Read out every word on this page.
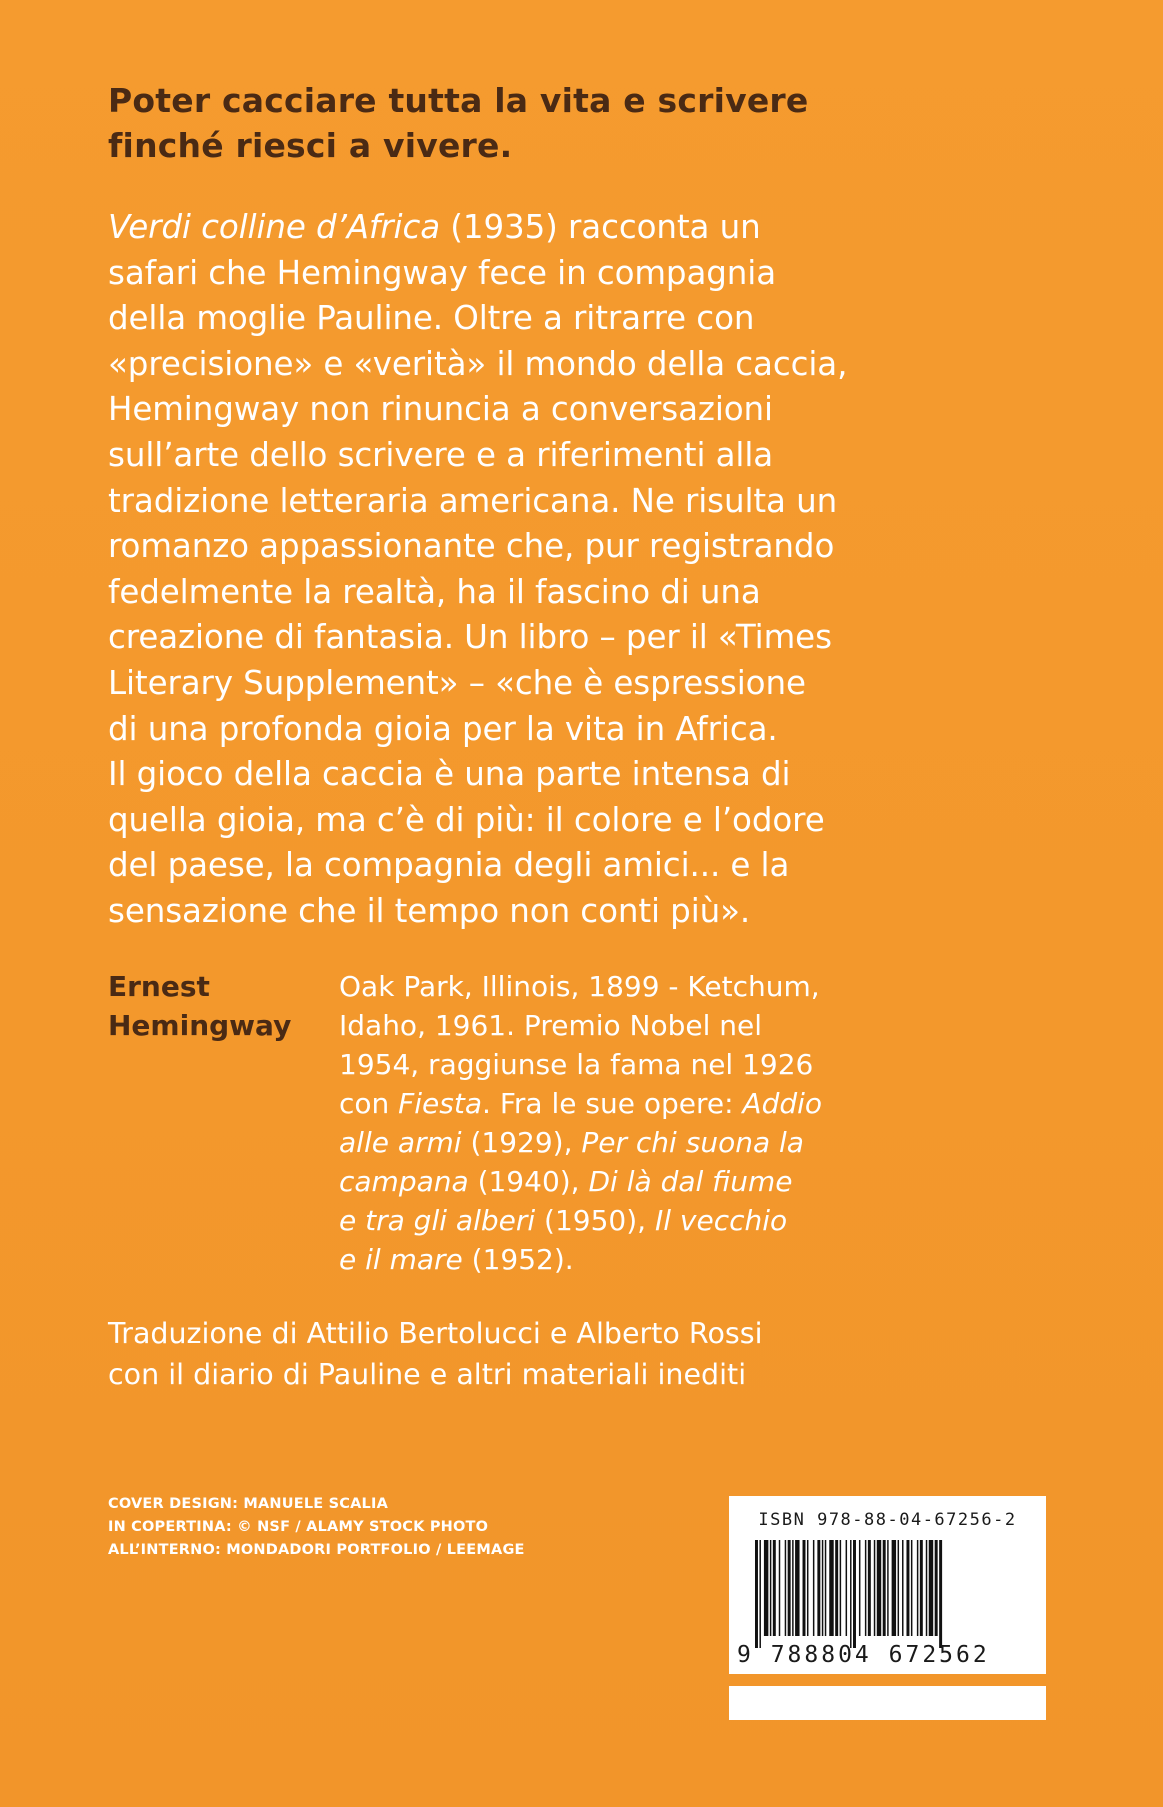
Poter cacciare tutta la vita e scrivere
finché riesci a vivere.
Verdi colline d’Africa (1935) racconta un
safari che Hemingway fece in compagnia
della moglie Pauline. Oltre a ritrarre con
«precisione» e «verità» il mondo della caccia,
Hemingway non rinuncia a conversazioni
sull’arte dello scrivere e a riferimenti alla
tradizione letteraria americana. Ne risulta un
romanzo appassionante che, pur registrando
fedelmente la realtà, ha il fascino di una
creazione di fantasia. Un libro – per il «Times
Literary Supplement» – «che è espressione
di una profonda gioia per la vita in Africa.
Il gioco della caccia è una parte intensa di
quella gioia, ma c’è di più: il colore e l’odore
del paese, la compagnia degli amici... e la
sensazione che il tempo non conti più».
Ernest
Hemingway
Oak Park, Illinois, 1899 - Ketchum,
Idaho, 1961. Premio Nobel nel
1954, raggiunse la fama nel 1926
con Fiesta. Fra le sue opere: Addio
alle armi (1929), Per chi suona la
campana (1940), Di là dal fiume
e tra gli alberi (1950), Il vecchio
e il mare (1952).
Traduzione di Attilio Bertolucci e Alberto Rossi
con il diario di Pauline e altri materiali inediti
COVER DESIGN: MANUELE SCALIA
IN COPERTINA: © NSF / ALAMY STOCK PHOTO
ALL’INTERNO: MONDADORI PORTFOLIO / LEEMAGE
ISBN 978-88-04-67256-2
9 788804 672562
